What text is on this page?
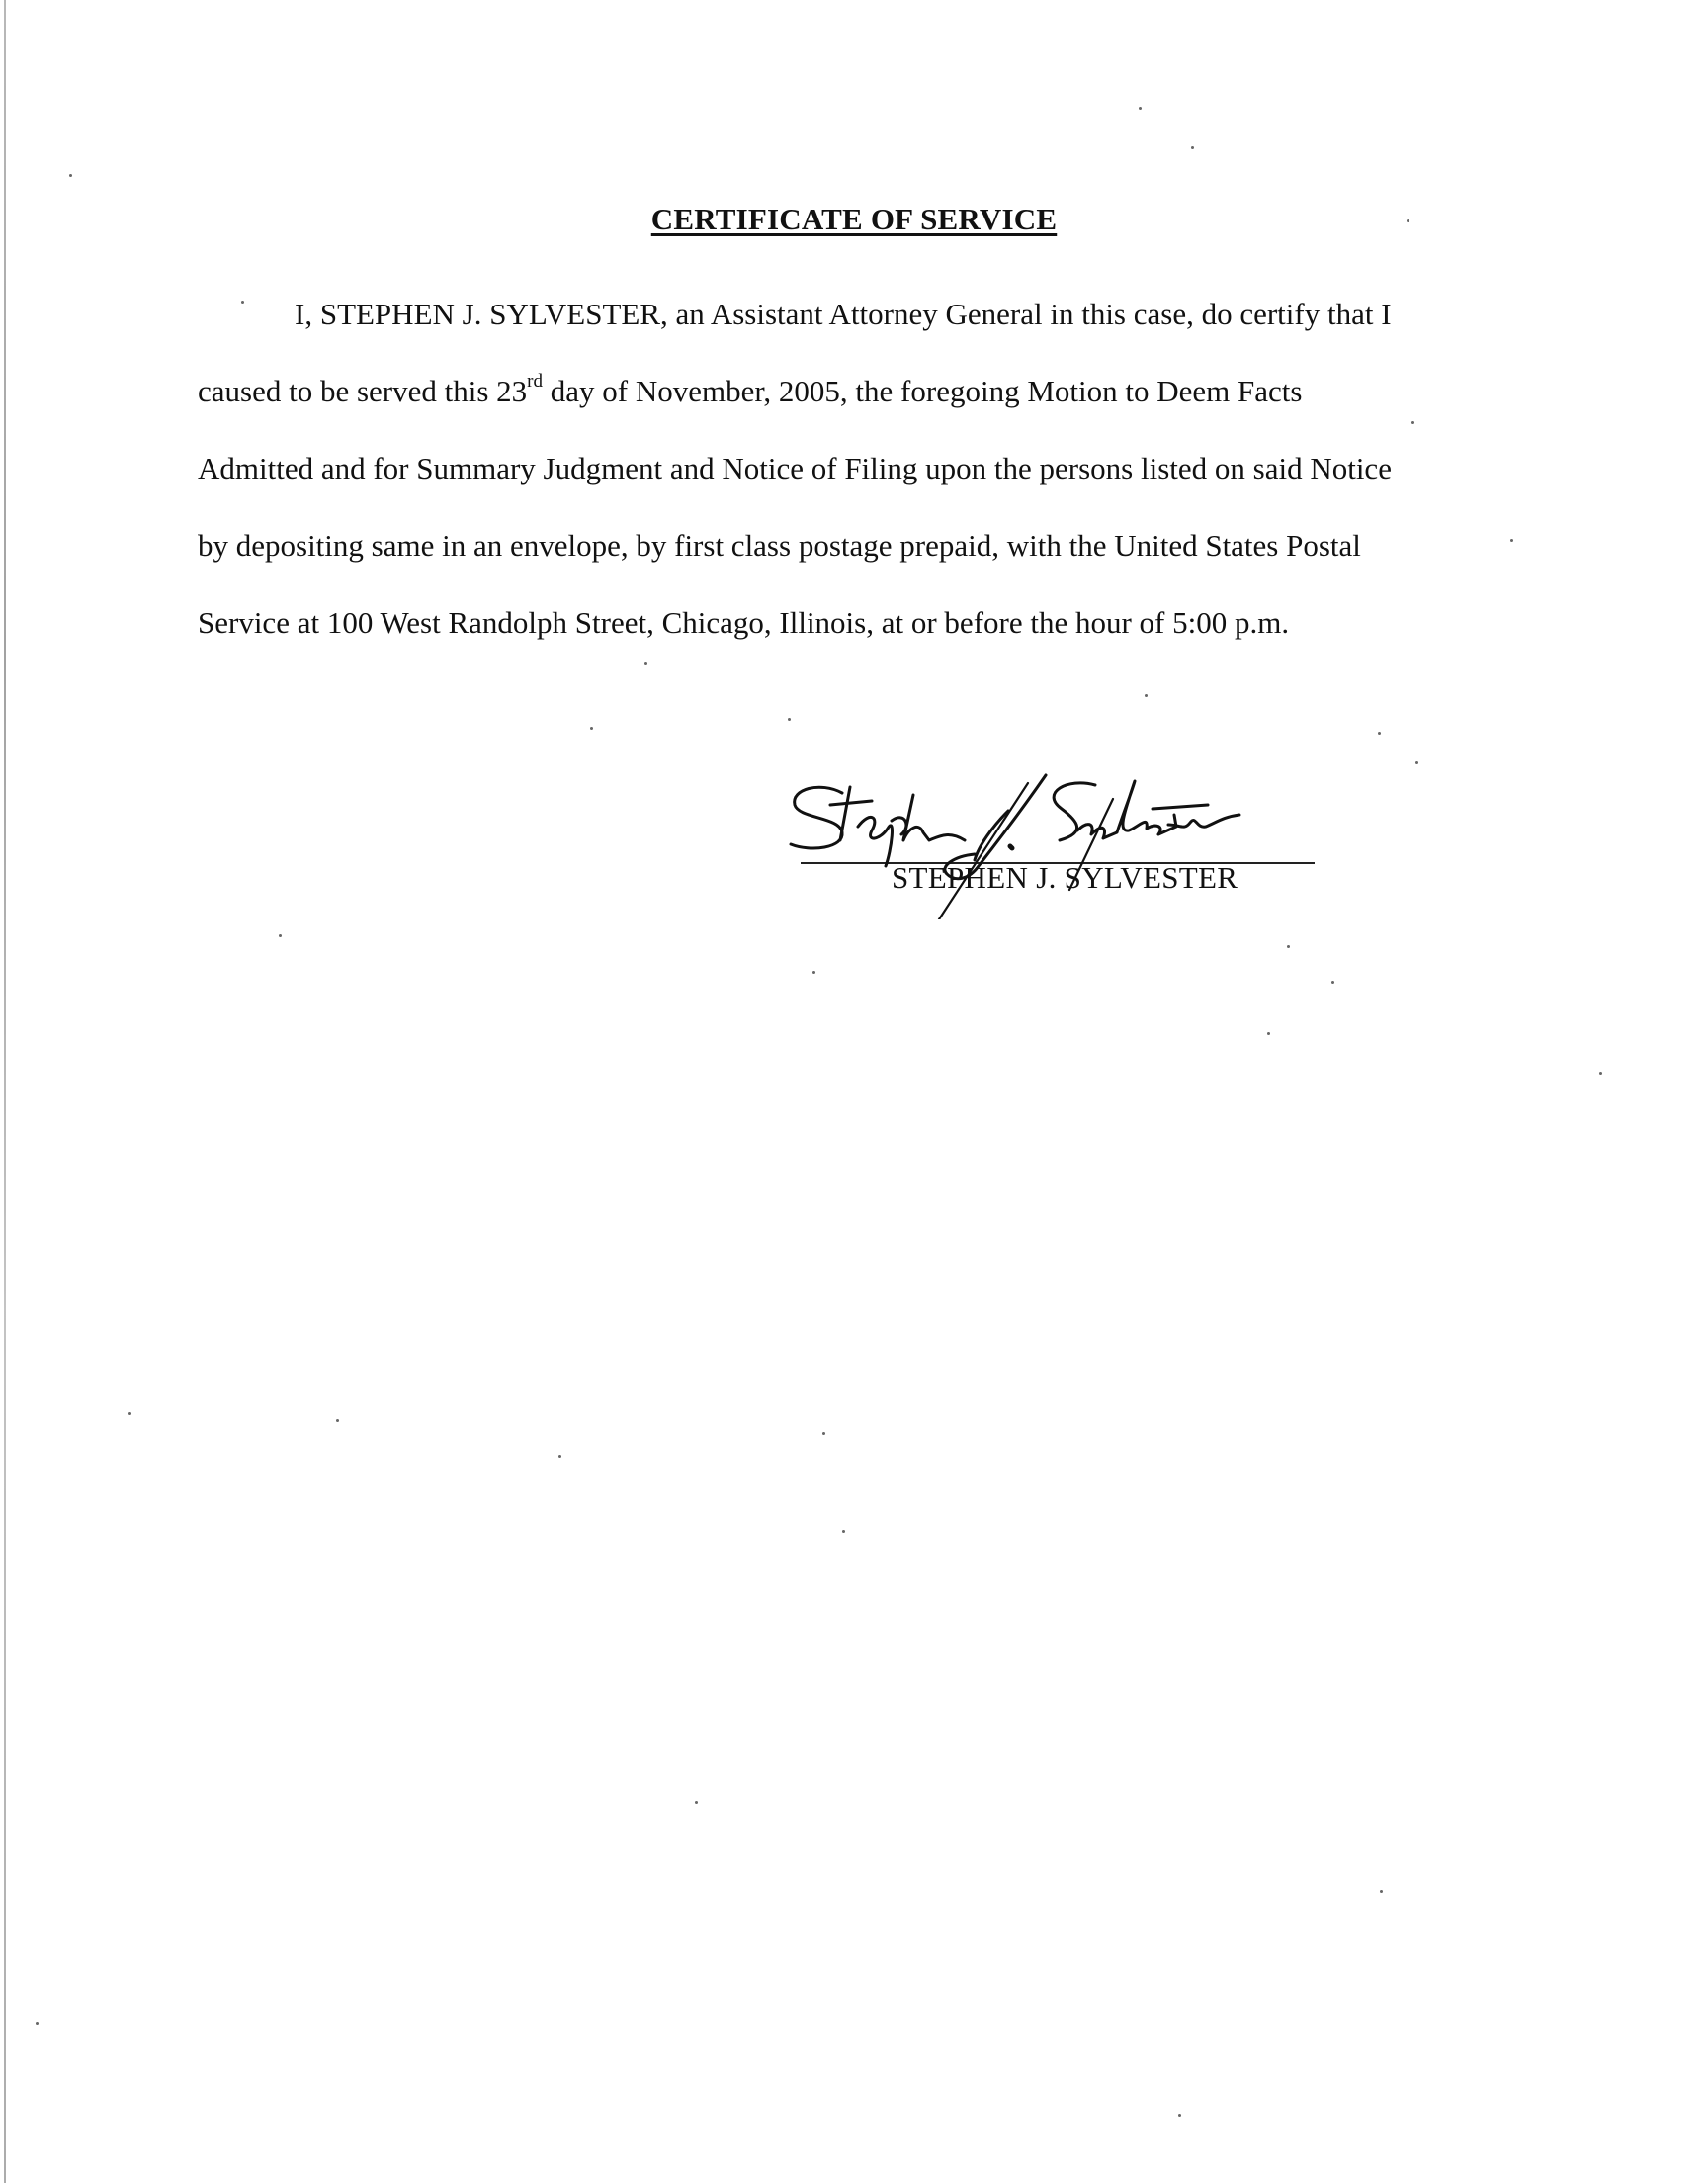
CERTIFICATE OF SERVICE
I, STEPHEN J. SYLVESTER, an Assistant Attorney General in this case, do certify that I
caused to be served this 23rd day of November, 2005, the foregoing Motion to Deem Facts
Admitted and for Summary Judgment and Notice of Filing upon the persons listed on said Notice
by depositing same in an envelope, by first class postage prepaid, with the United States Postal
Service at 100 West Randolph Street, Chicago, Illinois, at or before the hour of 5:00 p.m.
STEPHEN J. SYLVESTER
